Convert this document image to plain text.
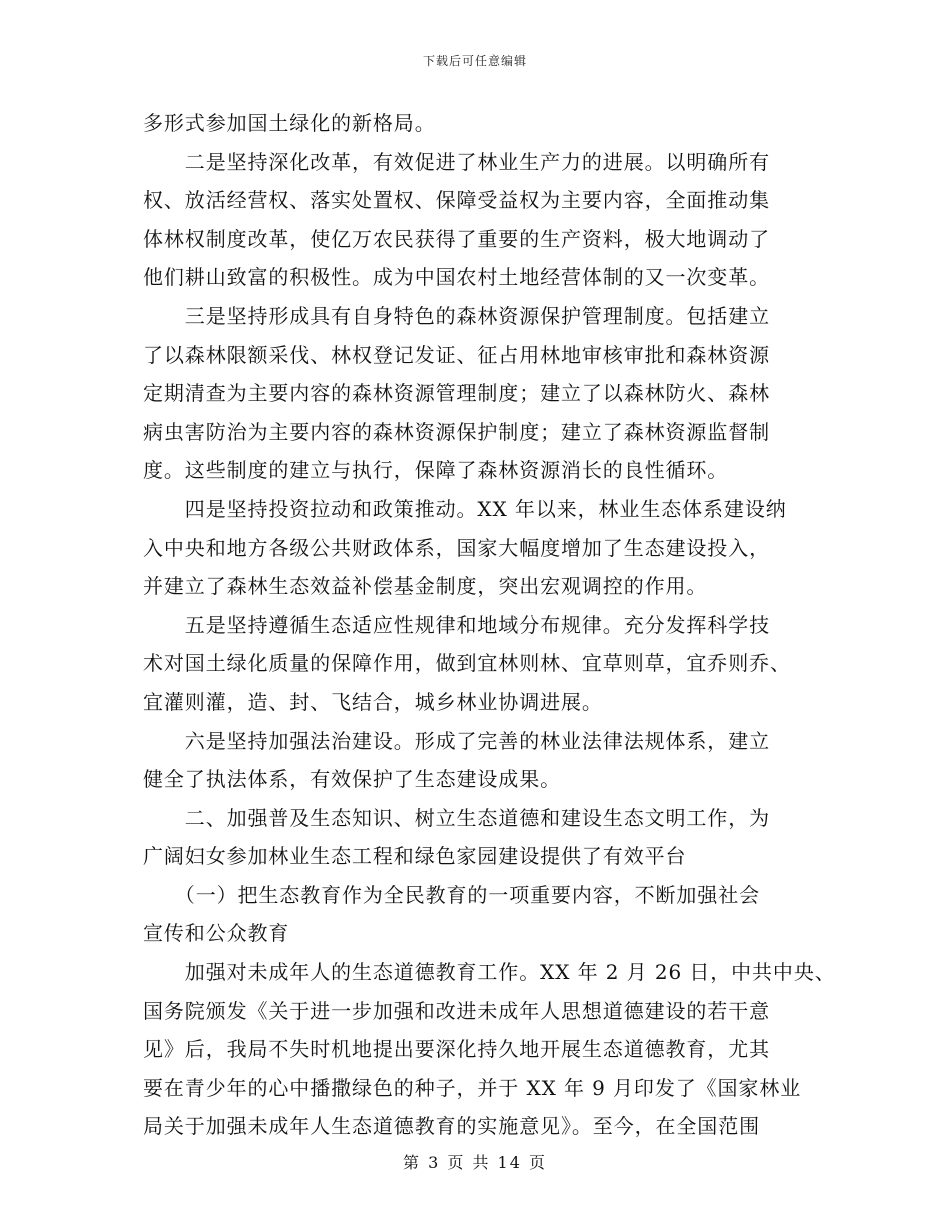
下载后可任意编辑
多形式参加国土绿化的新格局。
　　二是坚持深化改革，有效促进了林业生产力的进展。以明确所有
权、放活经营权、落实处置权、保障受益权为主要内容，全面推动集
体林权制度改革，使亿万农民获得了重要的生产资料，极大地调动了
他们耕山致富的积极性。成为中国农村土地经营体制的又一次变革。
　　三是坚持形成具有自身特色的森林资源保护管理制度。包括建立
了以森林限额采伐、林权登记发证、征占用林地审核审批和森林资源
定期清查为主要内容的森林资源管理制度；建立了以森林防火、森林
病虫害防治为主要内容的森林资源保护制度；建立了森林资源监督制
度。这些制度的建立与执行，保障了森林资源消长的良性循环。
　　四是坚持投资拉动和政策推动。XX 年以来，林业生态体系建设纳
入中央和地方各级公共财政体系，国家大幅度增加了生态建设投入，
并建立了森林生态效益补偿基金制度，突出宏观调控的作用。
　　五是坚持遵循生态适应性规律和地域分布规律。充分发挥科学技
术对国土绿化质量的保障作用，做到宜林则林、宜草则草，宜乔则乔、
宜灌则灌，造、封、飞结合，城乡林业协调进展。
　　六是坚持加强法治建设。形成了完善的林业法律法规体系，建立
健全了执法体系，有效保护了生态建设成果。
　　二、加强普及生态知识、树立生态道德和建设生态文明工作，为
广阔妇女参加林业生态工程和绿色家园建设提供了有效平台
　　（一）把生态教育作为全民教育的一项重要内容，不断加强社会
宣传和公众教育
　　加强对未成年人的生态道德教育工作。XX 年 2 月 26 日，中共中央、
国务院颁发《关于进一步加强和改进未成年人思想道德建设的若干意
见》后，我局不失时机地提出要深化持久地开展生态道德教育，尤其
要在青少年的心中播撒绿色的种子，并于 XX 年 9 月印发了《国家林业
局关于加强未成年人生态道德教育的实施意见》。至今，在全国范围
第 3 页 共 14 页
